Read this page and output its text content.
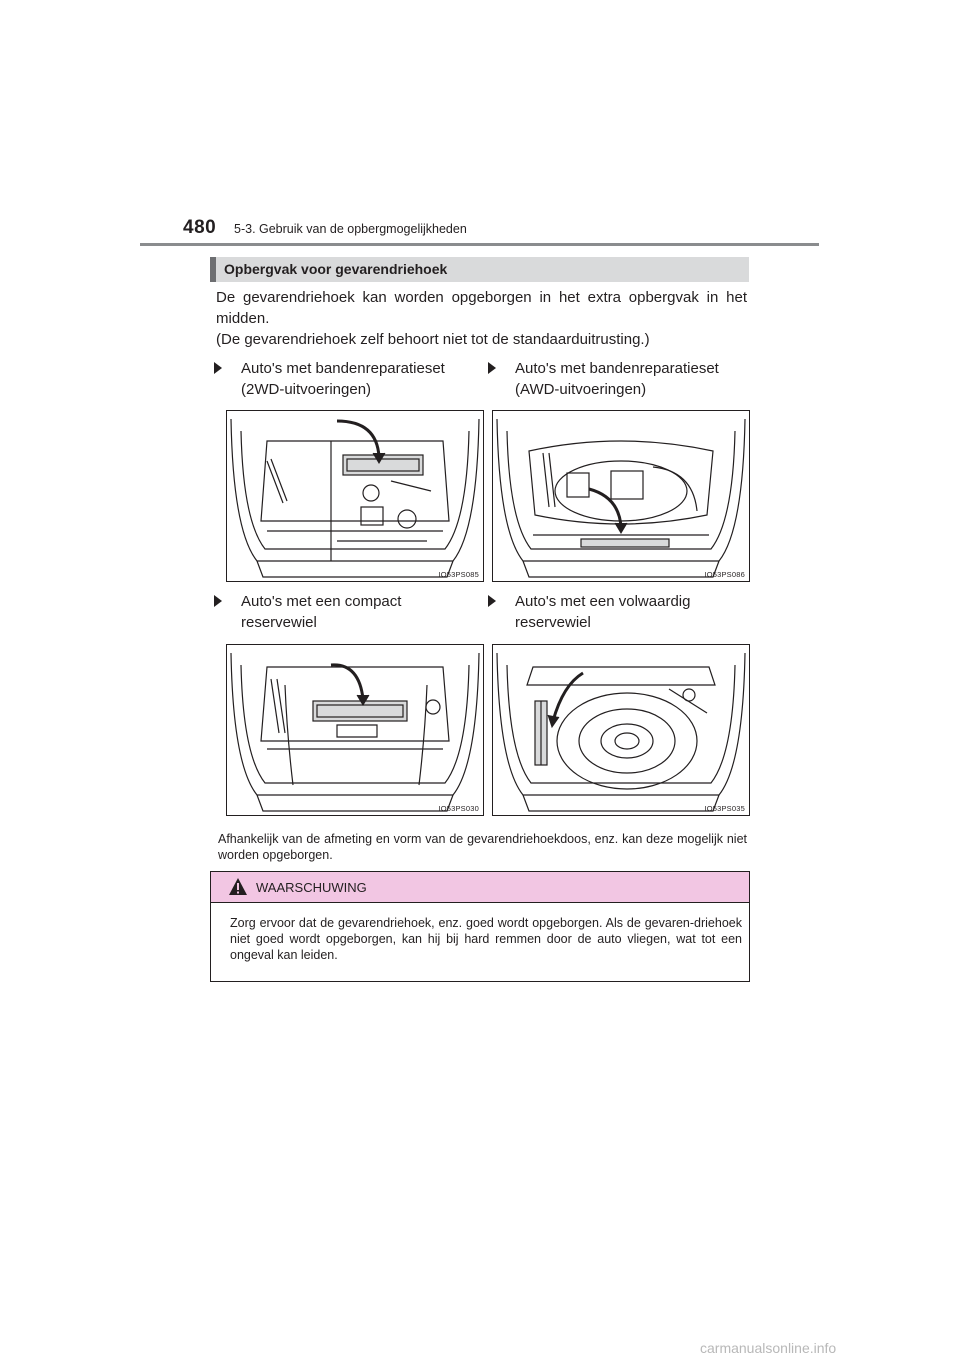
480 5-3. Gebruik van de opbergmogelijkheden
Opbergvak voor gevarendriehoek

De gevarendriehoek kan worden opgeborgen in het extra opbergvak in het midden.

(De gevarendriehoek zelf behoort niet tot de standaarduitrusting.)

Auto's met bandenreparatieset
(2WD-uitvoeringen)
Auto's met bandenreparatieset
(AWD-uitvoeringen)
Auto's met een compact
reservewiel
Auto's met een volwaardig
reservewiel
IO53PS085	IO53PS086
IO53PS030	IO53PS035
Afhankelijk van de afmeting en vorm van de gevarendriehoekdoos, enz. kan deze mogelijk niet worden opgeborgen.
WAARSCHUWING
Zorg ervoor dat de gevarendriehoek, enz. goed wordt opgeborgen. Als de gevaren-driehoek niet goed wordt opgeborgen, kan hij bij hard remmen door de auto vliegen, wat tot een ongeval kan leiden.
carmanualsonline.info
